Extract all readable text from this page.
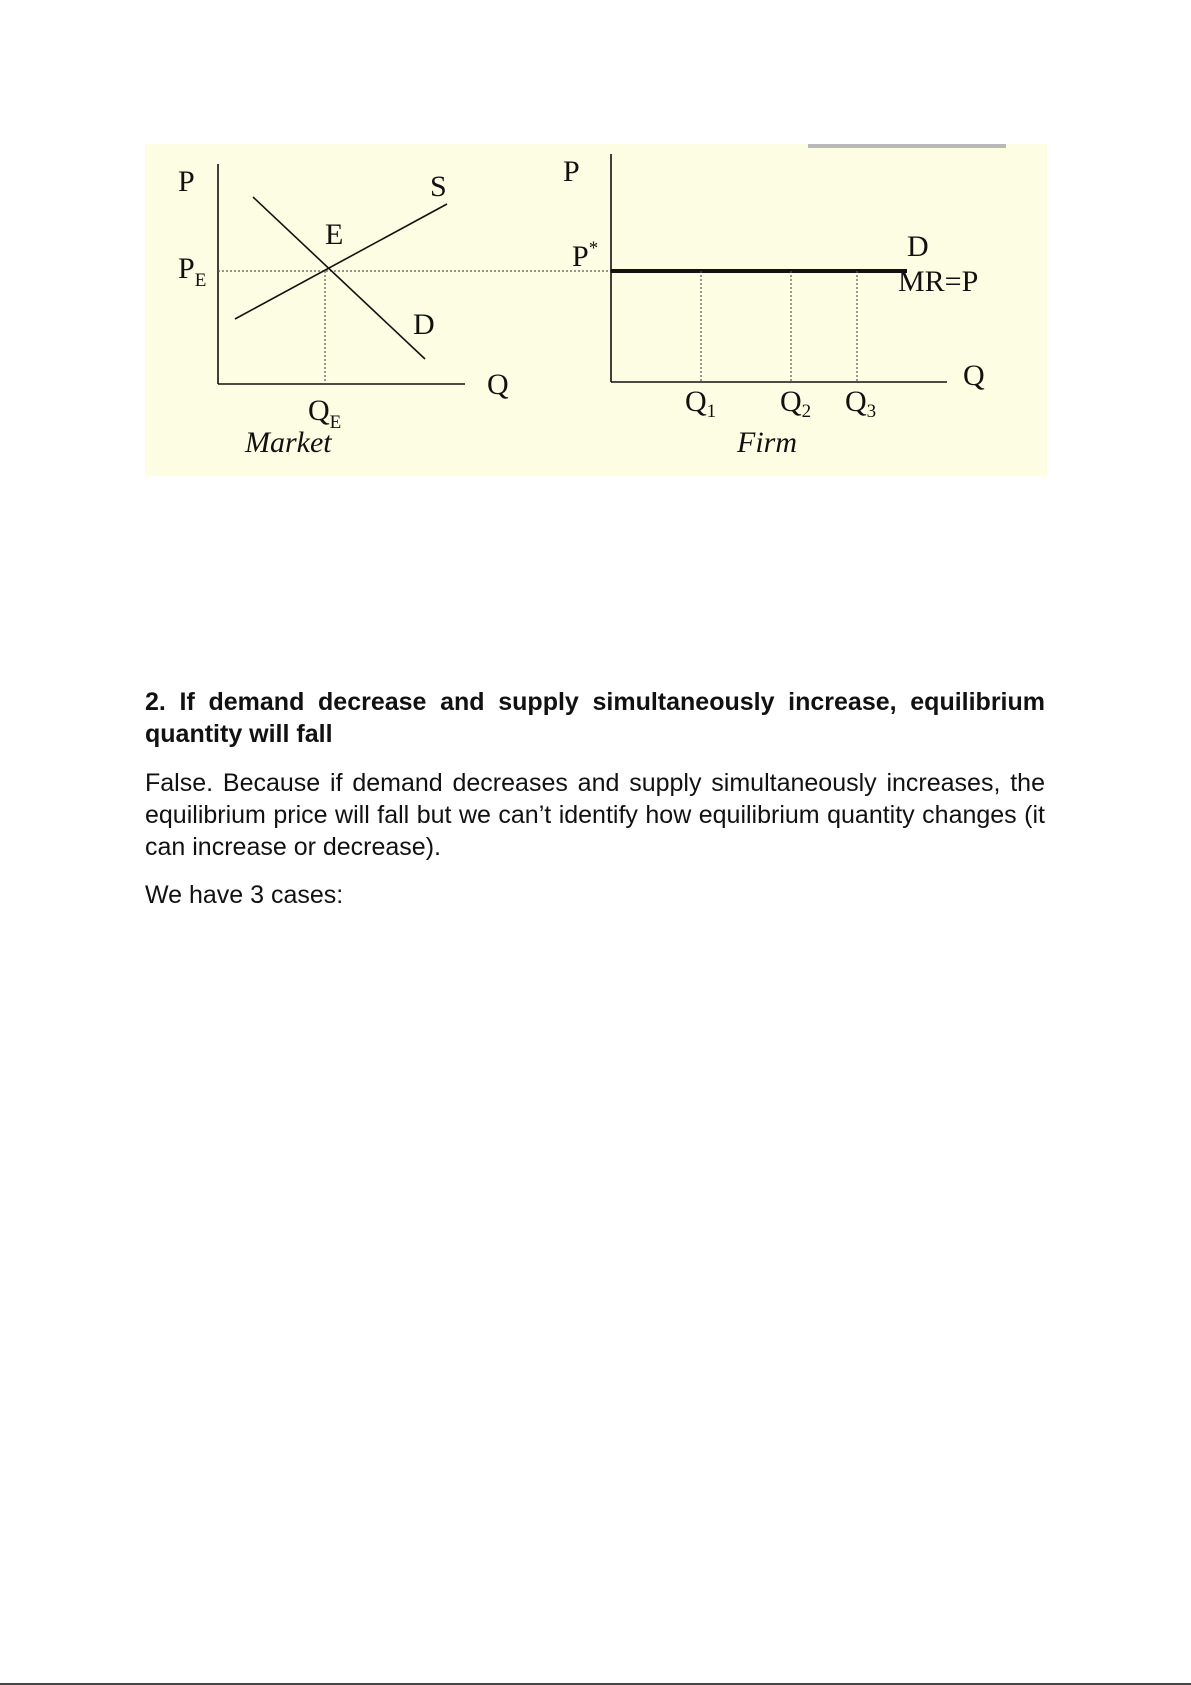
P
$P_E$
E
S
D
Q
$Q_E$
Market
P
P*	D
MR=P
Q
$Q_1$ $Q_2$ $Q_3$
Firm
2. If demand decrease and supply simultaneously increase, equilibrium quantity will fall
False. Because if demand decreases and supply simultaneously increases, the equilibrium price will fall but we can’t identify how equilibrium quantity changes (it can increase or decrease).
We have 3 cases:
